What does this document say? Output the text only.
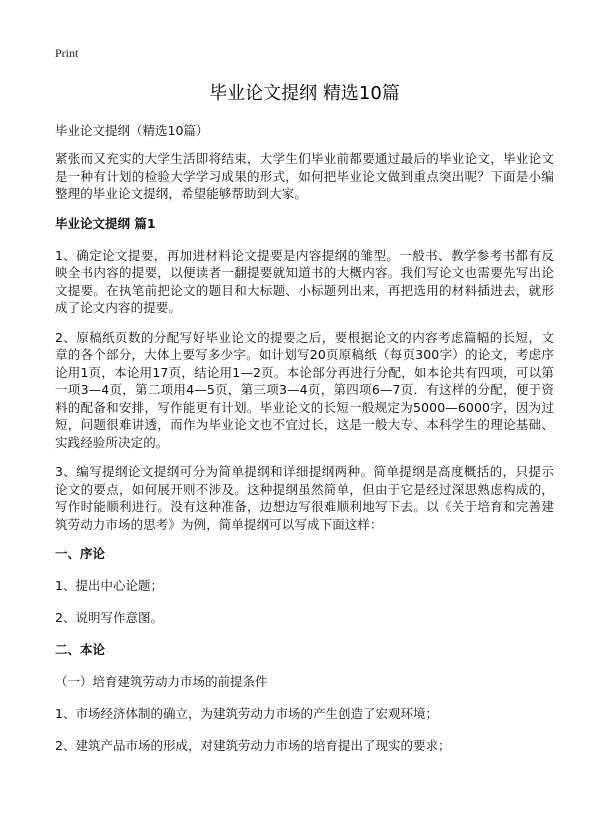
Print
毕业论文提纲 精选10篇
毕业论文提纲（精选10篇）

紧张而又充实的大学生活即将结束，大学生们毕业前都要通过最后的毕业论文，毕业论文是一种有计划的检验大学学习成果的形式，如何把毕业论文做到重点突出呢？下面是小编整理的毕业论文提纲，希望能够帮助到大家。

毕业论文提纲 篇1

1、确定论文提要，再加进材料论文提要是内容提纲的雏型。一般书、教学参考书都有反映全书内容的提要，以便读者一翻提要就知道书的大概内容。我们写论文也需要先写出论文提要。在执笔前把论文的题目和大标题、小标题列出来，再把选用的材料插进去，就形成了论文内容的提要。

2、原稿纸页数的分配写好毕业论文的提要之后，要根据论文的内容考虑篇幅的长短，文章的各个部分，大体上要写多少字。如计划写20页原稿纸（每页300字）的论文，考虑序论用1页，本论用17页，结论用1—2页。本论部分再进行分配，如本论共有四项，可以第一项3—4页，第二项用4—5页，第三项3—4页，第四项6—7页．有这样的分配，便于资料的配备和安排，写作能更有计划。毕业论文的长短一般规定为5000—6000字，因为过短，问题很难讲透，而作为毕业论文也不宜过长，这是一般大专、本科学生的理论基础、实践经验所决定的。

3、编写提纲论文提纲可分为简单提纲和详细提纲两种。简单提纲是高度概括的，只提示论文的要点，如何展开则不涉及。这种提纲虽然简单，但由于它是经过深思熟虑构成的，写作时能顺利进行。没有这种准备，边想边写很难顺利地写下去。以《关于培育和完善建筑劳动力市场的思考》为例，简单提纲可以写成下面这样：

一、序论
1、提出中心论题；
2、说明写作意图。
二、本论
（一）培育建筑劳动力市场的前提条件
1、市场经济体制的确立，为建筑劳动力市场的产生创造了宏观环境；
2、建筑产品市场的形成，对建筑劳动力市场的培育提出了现实的要求；
